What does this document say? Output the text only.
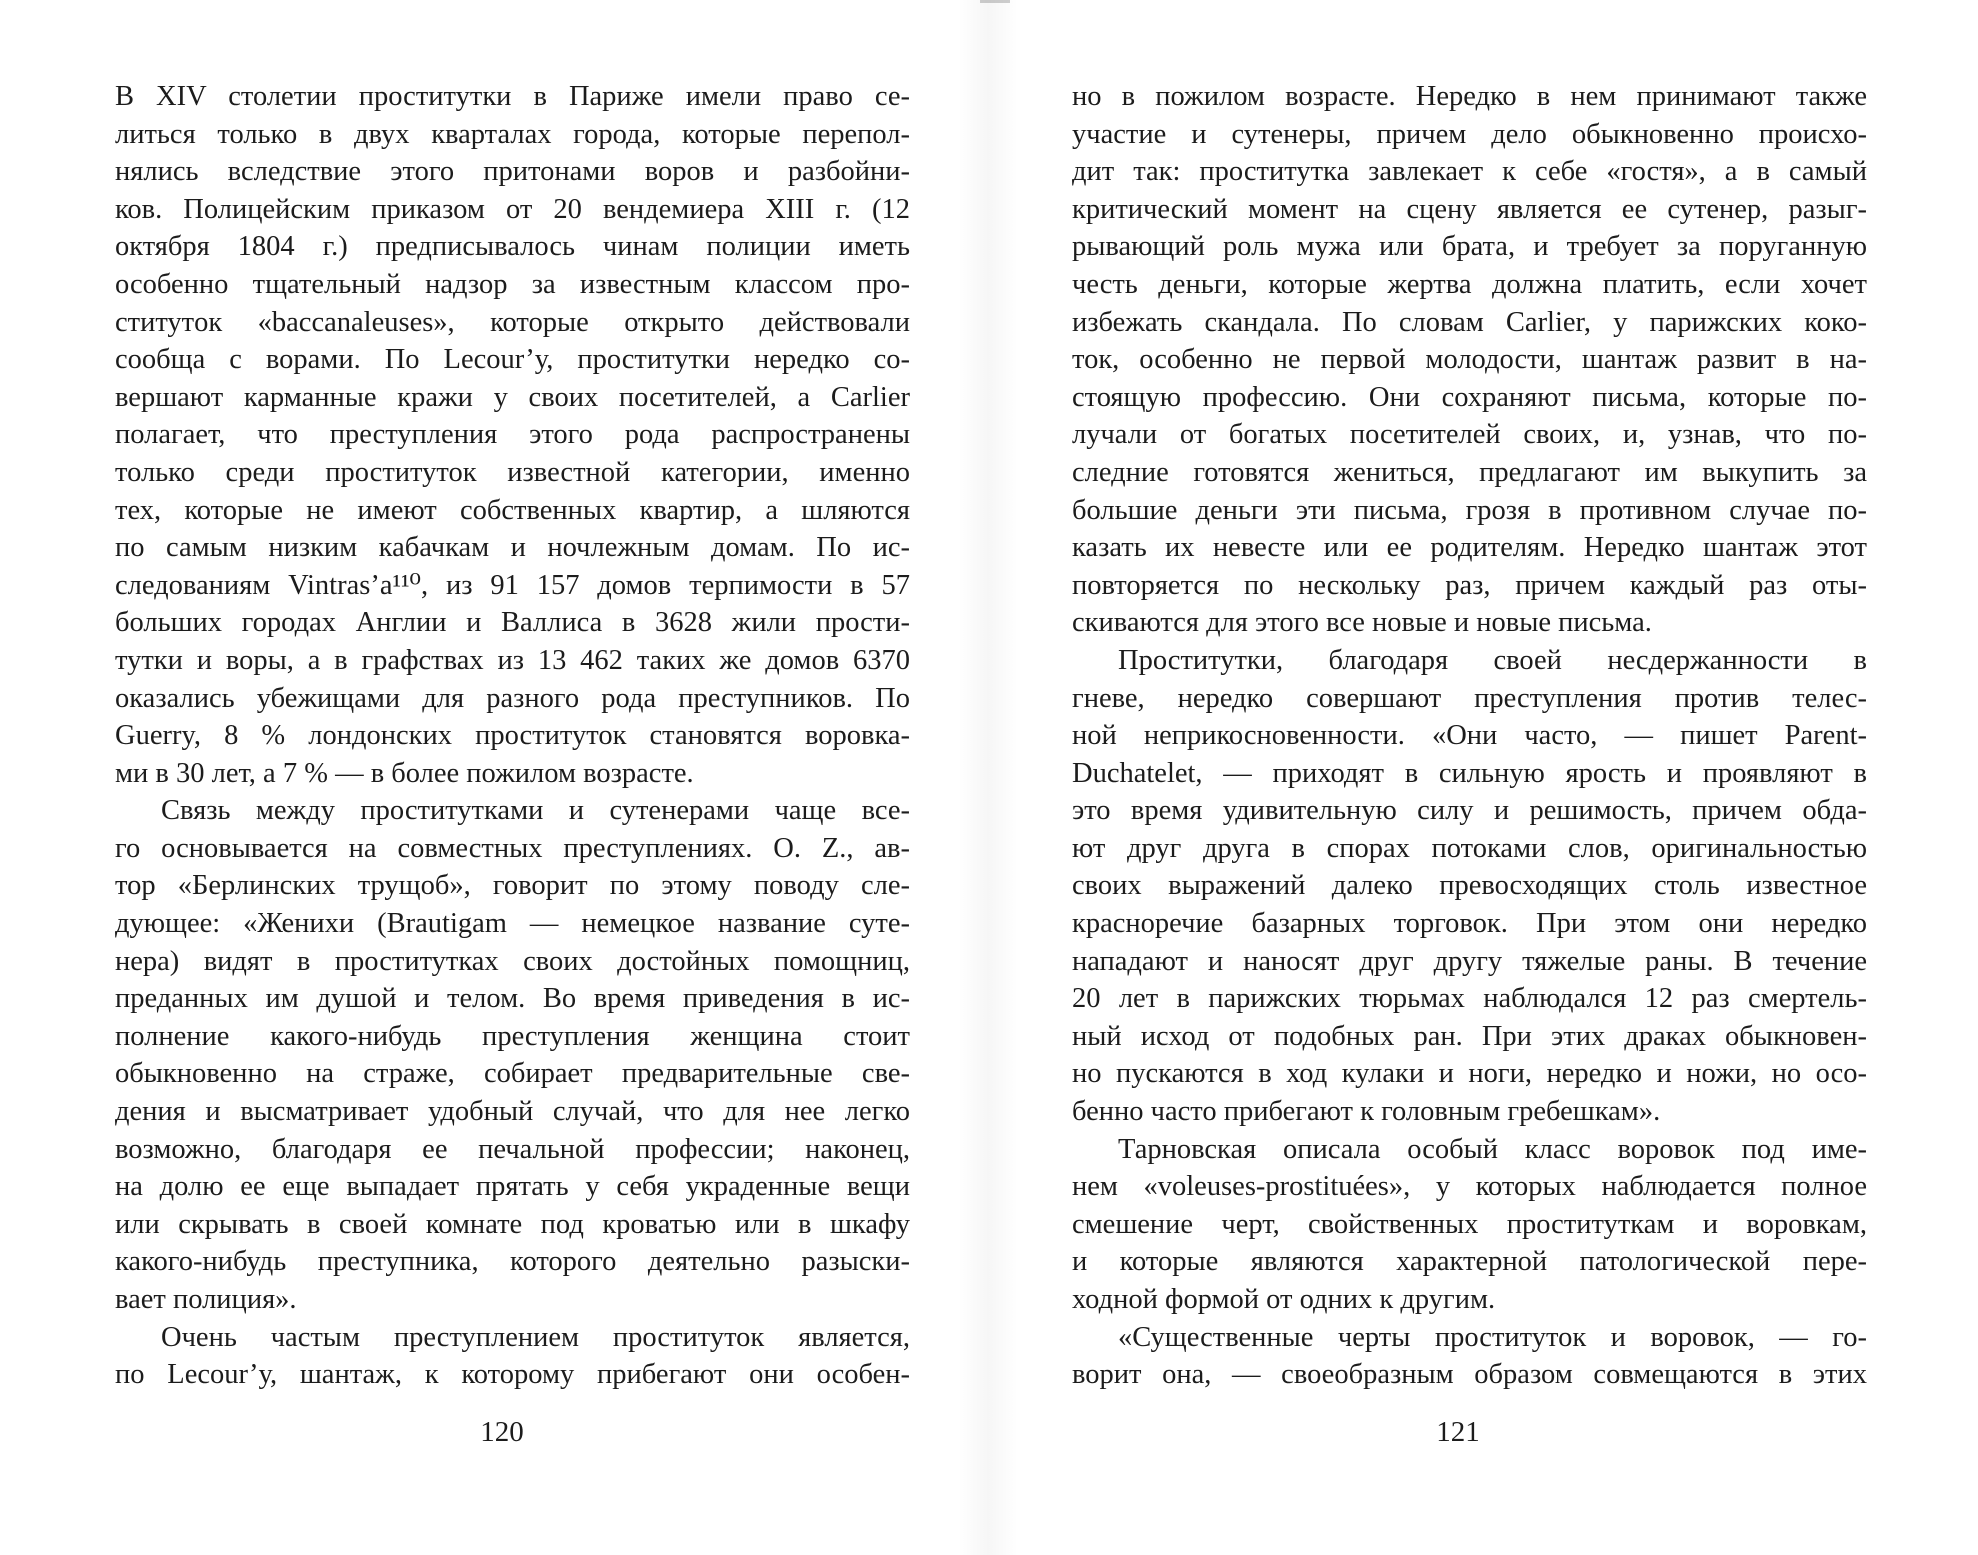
В XIV столетии проститутки в Париже имели право се-
литься только в двух кварталах города, которые перепол-
нялись вследствие этого притонами воров и разбойни-
ков. Полицейским приказом от 20 вендемиера XIII г. (12
октября 1804 г.) предписывалось чинам полиции иметь
особенно тщательный надзор за известным классом про-
ститутoк «baccanaleuses», которые открыто действовали
сообща с ворами. По Lecour’у, проститутки нередко со-
вершают карманные кражи у своих посетителей, а Carlier
полагает, что преступления этого рода распространены
только среди проституток известной категории, именно
тех, которые не имеют собственных квартир, а шляются
по самым низким кабачкам и ночлежным домам. По ис-
следованиям Vintras’a¹¹⁰, из 91 157 домов терпимости в 57
больших городах Англии и Валлиса в 3628 жили прости-
тутки и воры, а в графствах из 13 462 таких же домов 6370
оказались убежищами для разного рода преступников. По
Guerry, 8 % лондонских проституток становятся воровка-
ми в 30 лет, а 7 % — в более пожилом возрасте.
Связь между проститутками и сутенерами чаще все-
го основывается на совместных преступлениях. O. Z., ав-
тор «Берлинских трущоб», говорит по этому поводу сле-
дующее: «Женихи (Brautigam — немецкое название суте-
нера) видят в проститутках своих достойных помощниц,
преданных им душой и телом. Во время приведения в ис-
полнение какого-нибудь преступления женщина стоит
обыкновенно на страже, собирает предварительные све-
дения и высматривает удобный случай, что для нее легко
возможно, благодаря ее печальной профессии; наконец,
на долю ее еще выпадает прятать у себя украденные вещи
или скрывать в своей комнате под кроватью или в шкафу
какого-нибудь преступника, которого деятельно разыски-
вает полиция».
Очень частым преступлением проституток является,
по Lecour’у, шантаж, к которому прибегают они особен-
но в пожилом возрасте. Нередко в нем принимают также
участие и сутенеры, причем дело обыкновенно происхо-
дит так: проститутка завлекает к себе «гостя», а в самый
критический момент на сцену является ее сутенер, разыг-
рывающий роль мужа или брата, и требует за поруганную
честь деньги, которые жертва должна платить, если хочет
избежать скандала. По словам Carlier, у парижских коко-
ток, особенно не первой молодости, шантаж развит в на-
стоящую профессию. Они сохраняют письма, которые по-
лучали от богатых посетителей своих, и, узнав, что по-
следние готовятся жениться, предлагают им выкупить за
большие деньги эти письма, грозя в противном случае по-
казать их невесте или ее родителям. Нередко шантаж этот
повторяется по нескольку раз, причем каждый раз оты-
скиваются для этого все новые и новые письма.
Проститутки, благодаря своей несдержанности в
гневе, нередко совершают преступления против телес-
ной неприкосновенности. «Они часто, — пишет Parent-
Duchatelet, — приходят в сильную ярость и проявляют в
это время удивительную силу и решимость, причем обда-
ют друг друга в спорах потоками слов, оригинальностью
своих выражений далеко превосходящих столь известное
красноречие базарных торговок. При этом они нередко
нападают и наносят друг другу тяжелые раны. В течение
20 лет в парижских тюрьмах наблюдался 12 раз смертель-
ный исход от подобных ран. При этих драках обыкновен-
но пускаются в ход кулаки и ноги, нередко и ножи, но осо-
бенно часто прибегают к головным гребешкам».
Тарновская описала особый класс воровок под име-
нем «voleuses-prostituées», у которых наблюдается полное
смешение черт, свойственных проституткам и воровкам,
и которые являются характерной патологической пере-
ходной формой от одних к другим.
«Существенные черты проституток и воровок, — го-
ворит она, — своеобразным образом совмещаются в этих
120	121
